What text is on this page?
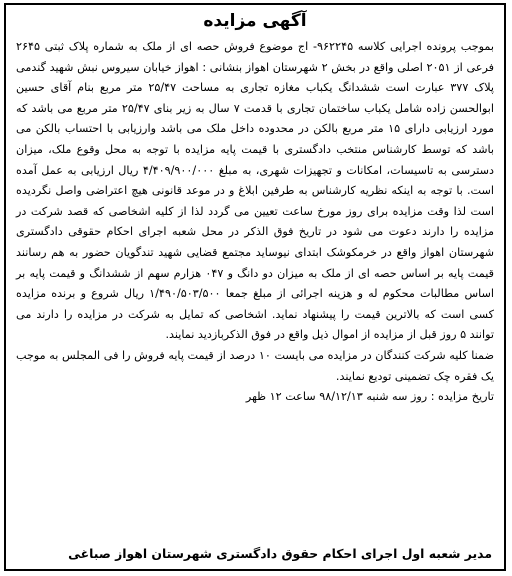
آگهی مزایده

بموجب پرونده اجرایی کلاسه ۹۶۲۲۴۵- اج موضوع فروش حصه ای از ملک به شماره پلاک ثبتی ۲۶۴۵ فرعی از ۲۰۵۱ اصلی واقع در بخش ۲ شهرستان اهواز بنشانی : اهواز خیابان سیروس نبش شهید گندمی پلاک ۳۷۷ عبارت است ششدانگ یکباب مغازه تجاری به مساحت ۲۵/۴۷ متر مربع بنام آقای حسین ابوالحسن زاده شامل یکباب ساختمان تجاری با قدمت ۷ سال به زیر بنای ۲۵/۴۷ متر مربع می باشد که مورد ارزیابی دارای ۱۵ متر مربع بالکن در محدوده داخل ملک می باشد وارزیابی با احتساب بالکن می باشد که توسط کارشناس منتخب دادگستری با قیمت پایه مزایده با توجه به محل وقوع ملک، میزان دسترسی به تاسیسات، امکانات و تجهیزات شهری، به مبلغ ۴/۴۰۹/۹۰۰/۰۰۰ ریال ارزیابی به عمل آمده است. با توجه به اینکه نظریه کارشناس به طرفین ابلاغ و در موعد قانونی هیچ اعتراضی واصل نگردیده است لذا وقت مزایده برای روز مورخ ساعت تعیین می گردد لذا از کلیه اشخاصی که قصد شرکت در مزایده را دارند دعوت می شود در تاریخ فوق الذکر در محل شعبه اجرای احکام حقوقی دادگستری شهرستان اهواز واقع در خرمکوشک ابتدای نیوساید مجتمع قضایی شهید تندگویان حضور به هم رسانند قیمت پایه بر اساس حصه ای از ملک به میزان دو دانگ و ۰۴۷ هزارم سهم از ششدانگ و قیمت پایه بر اساس مطالبات محکوم له و هزینه اجرائی از مبلغ جمعا ۱/۴۹۰/۵۰۳/۵۰۰ ریال شروع و برنده مزایده کسی است که بالاترین قیمت را پیشنهاد نماید. اشخاصی که تمایل به شرکت در مزایده را دارند می توانند ۵ روز قبل از مزایده از اموال ذیل واقع در فوق الذکربازدید نمایند.

ضمنا کلیه شرکت کنندگان در مزایده می بایست ۱۰ درصد از قیمت پایه فروش را فی المجلس به موجب یک فقره چک تضمینی تودیع نمایند.

تاریخ مزایده : روز سه شنبه ۹۸/۱۲/۱۳ ساعت ۱۲ ظهر

مدیر شعبه اول اجرای احکام حقوق دادگستری شهرستان اهواز صباغی
